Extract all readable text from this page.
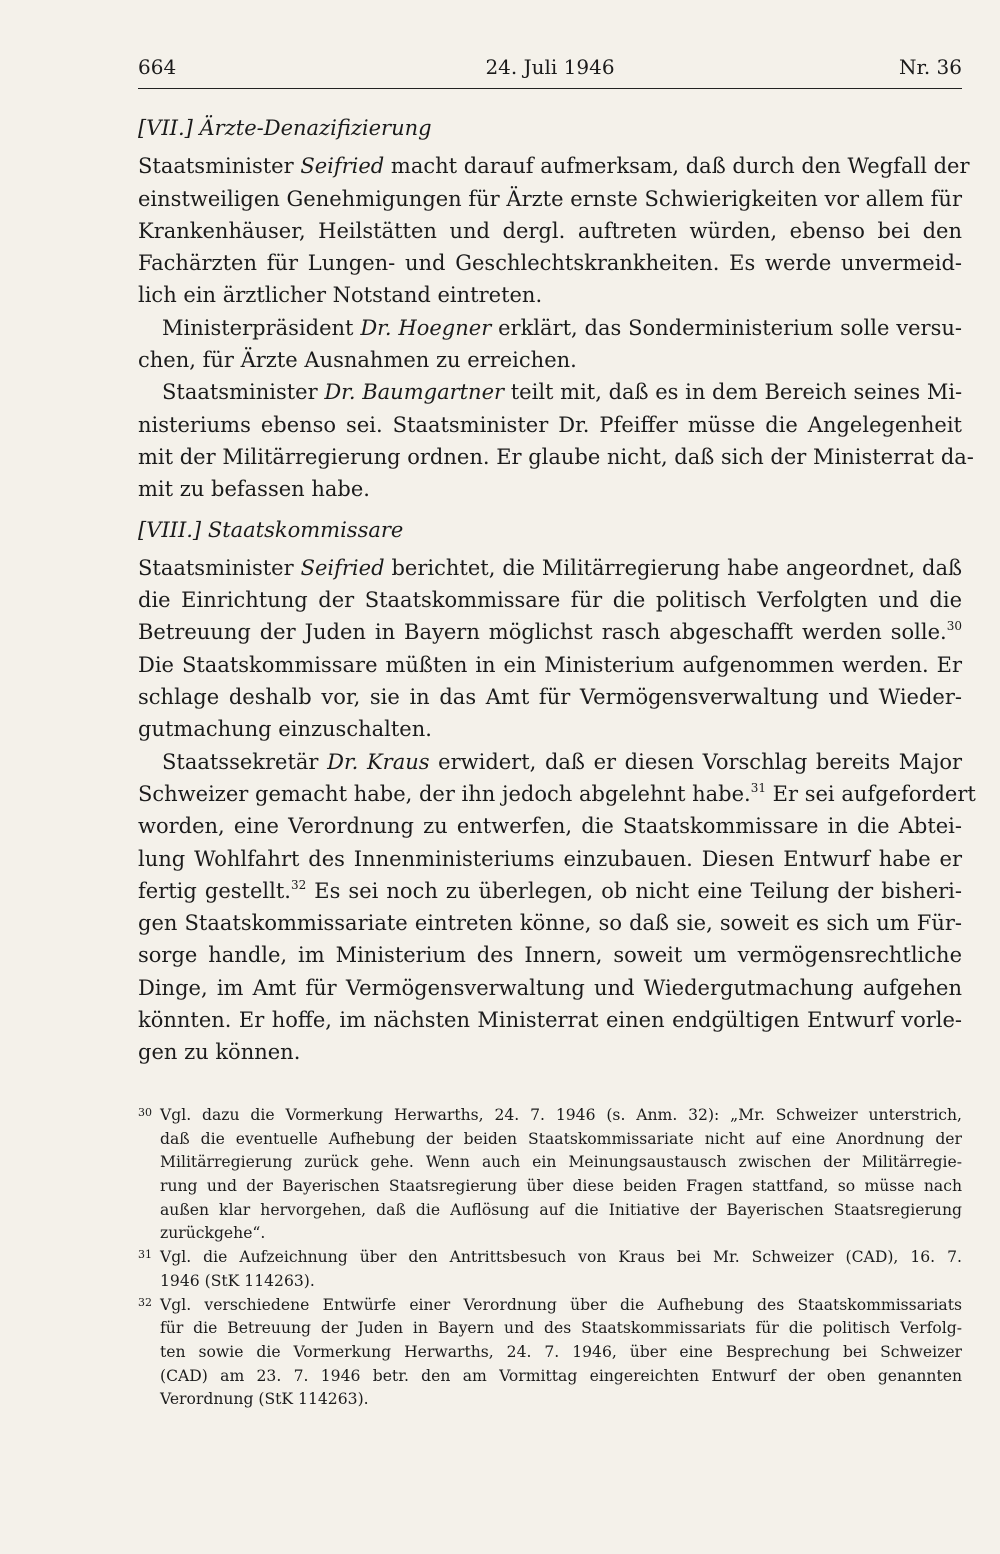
664	24. Juli 1946	Nr. 36
[VII.] Ärzte-Denazifizierung
Staatsminister Seifried macht darauf aufmerksam, daß durch den Wegfall der
einstweiligen Genehmigungen für Ärzte ernste Schwierigkeiten vor allem für
Krankenhäuser, Heilstätten und dergl. auftreten würden, ebenso bei den
Fachärzten für Lungen- und Geschlechtskrankheiten. Es werde unvermeid-
lich ein ärztlicher Notstand eintreten.
Ministerpräsident Dr. Hoegner erklärt, das Sonderministerium solle versu-
chen, für Ärzte Ausnahmen zu erreichen.
Staatsminister Dr. Baumgartner teilt mit, daß es in dem Bereich seines Mi-
nisteriums ebenso sei. Staatsminister Dr. Pfeiffer müsse die Angelegenheit
mit der Militärregierung ordnen. Er glaube nicht, daß sich der Ministerrat da-
mit zu befassen habe.
[VIII.] Staatskommissare
Staatsminister Seifried berichtet, die Militärregierung habe angeordnet, daß
die Einrichtung der Staatskommissare für die politisch Verfolgten und die
Betreuung der Juden in Bayern möglichst rasch abgeschafft werden solle.$^{30}$
Die Staatskommissare müßten in ein Ministerium aufgenommen werden. Er
schlage deshalb vor, sie in das Amt für Vermögensverwaltung und Wieder-
gutmachung einzuschalten.
Staatssekretär Dr. Kraus erwidert, daß er diesen Vorschlag bereits Major
Schweizer gemacht habe, der ihn jedoch abgelehnt habe.$^{31}$ Er sei aufgefordert
worden, eine Verordnung zu entwerfen, die Staatskommissare in die Abtei-
lung Wohlfahrt des Innenministeriums einzubauen. Diesen Entwurf habe er
fertig gestellt.$^{32}$ Es sei noch zu überlegen, ob nicht eine Teilung der bisheri-
gen Staatskommissariate eintreten könne, so daß sie, soweit es sich um Für-
sorge handle, im Ministerium des Innern, soweit um vermögensrechtliche
Dinge, im Amt für Vermögensverwaltung und Wiedergutmachung aufgehen
könnten. Er hoffe, im nächsten Ministerrat einen endgültigen Entwurf vorle-
gen zu können.
30 Vgl. dazu die Vormerkung Herwarths, 24. 7. 1946 (s. Anm. 32): „Mr. Schweizer unterstrich,
daß die eventuelle Aufhebung der beiden Staatskommissariate nicht auf eine Anordnung der
Militärregierung zurück gehe. Wenn auch ein Meinungsaustausch zwischen der Militärregie-
rung und der Bayerischen Staatsregierung über diese beiden Fragen stattfand, so müsse nach
außen klar hervorgehen, daß die Auflösung auf die Initiative der Bayerischen Staatsregierung
zurückgehe“.
31 Vgl. die Aufzeichnung über den Antrittsbesuch von Kraus bei Mr. Schweizer (CAD), 16. 7.
1946 (StK 114263).
32 Vgl. verschiedene Entwürfe einer Verordnung über die Aufhebung des Staatskommissariats
für die Betreuung der Juden in Bayern und des Staatskommissariats für die politisch Verfolg-
ten sowie die Vormerkung Herwarths, 24. 7. 1946, über eine Besprechung bei Schweizer
(CAD) am 23. 7. 1946 betr. den am Vormittag eingereichten Entwurf der oben genannten
Verordnung (StK 114263).
